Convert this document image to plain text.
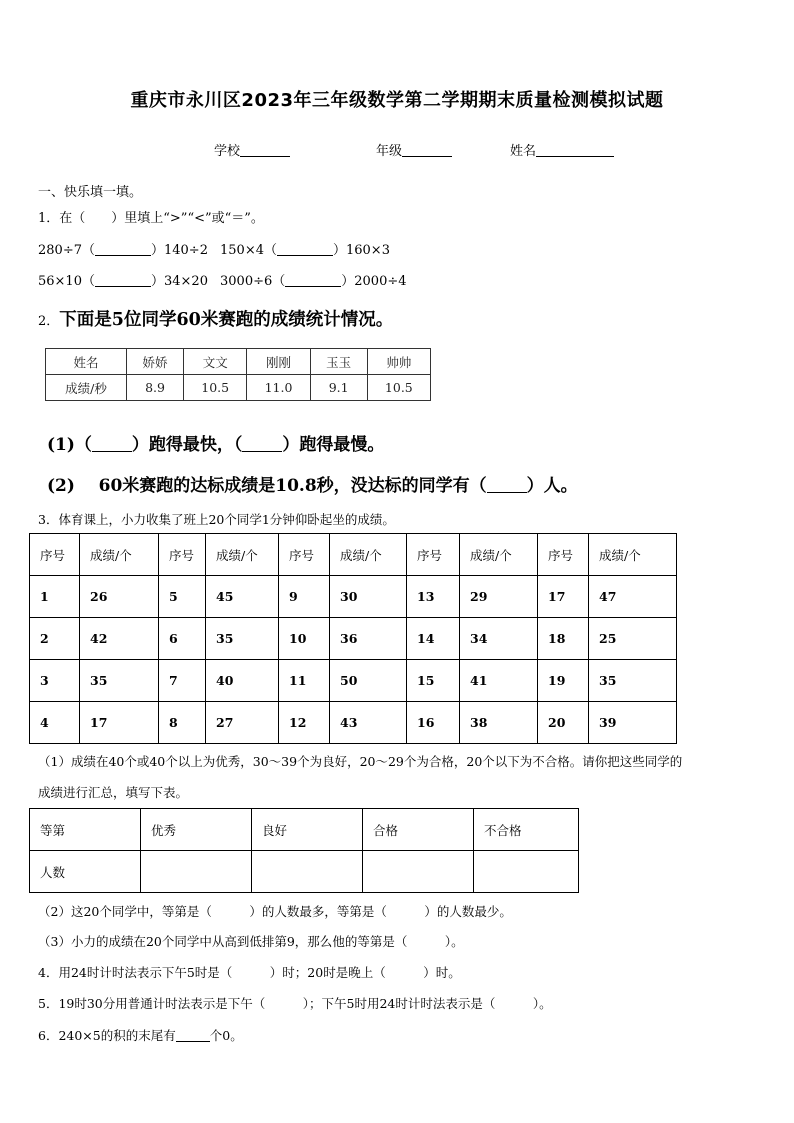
重庆市永川区2023年三年级数学第二学期期末质量检测模拟试题
学校	年级	姓名
一、快乐填一填。
1．在（　　）里填上“>”“<”或“＝”。
280÷7（	）140÷2 150×4（	）160×3
56×10（	）34×20 3000÷6（	）2000÷4
2．下面是5位同学60米赛跑的成绩统计情况。
姓名	娇娇	文文	刚刚	玉玉	帅帅
成绩/秒	8.9	10.5	11.0	9.1	10.5
(1)（ ）跑得最快，（ ）跑得最慢。
(2) 60米赛跑的达标成绩是10.8秒，没达标的同学有（ ）人。
3．体育课上，小力收集了班上20个同学1分钟仰卧起坐的成绩。
序号	成绩/个	序号	成绩/个	序号	成绩/个	序号	成绩/个	序号	成绩/个
1	26	5	45	9	30	13	29	17	47
2	42	6	35	10	36	14	34	18	25
3	35	7	40	11	50	15	41	19	35
4	17	8	27	12	43	16	38	20	39
（1）成绩在40个或40个以上为优秀，30～39个为良好，20～29个为合格，20个以下为不合格。请你把这些同学的
成绩进行汇总，填写下表。
等第	优秀	良好	合格	不合格
人数				
（2）这20个同学中，等第是（　　　）的人数最多，等第是（　　　）的人数最少。
（3）小力的成绩在20个同学中从高到低排第9，那么他的等第是（　　　）。
4．用24时计时法表示下午5时是（　　　）时；20时是晚上（　　　）时。
5．19时30分用普通计时法表示是下午（　　　）；下午5时用24时计时法表示是（　　　）。
6．240×5的积的末尾有	个0。
